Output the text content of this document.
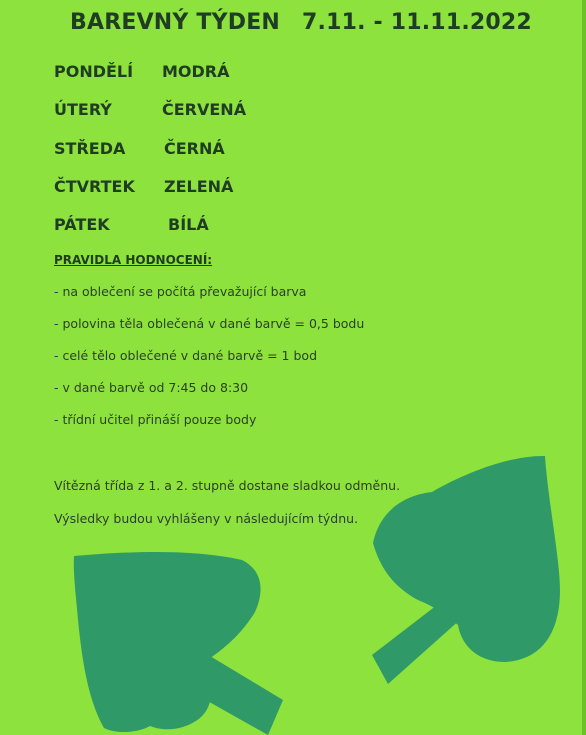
BAREVNÝ TÝDEN 7.11. - 11.11.2022
PONDĚLÍ MODRÁ
ÚTERÝ	ČERVENÁ
STŘEDA ČERNÁ
ČTVRTEK ZELENÁ
PÁTEK	BÍLÁ
PRAVIDLA HODNOCENÍ:
- na oblečení se počítá převažující barva
- polovina těla oblečená v dané barvě = 0,5 bodu
- celé tělo oblečené v dané barvě = 1 bod
- v dané barvě od 7:45 do 8:30
- třídní učitel přináší pouze body
Vítězná třída z 1. a 2. stupně dostane sladkou odměnu.
Výsledky budou vyhlášeny v následujícím týdnu.
